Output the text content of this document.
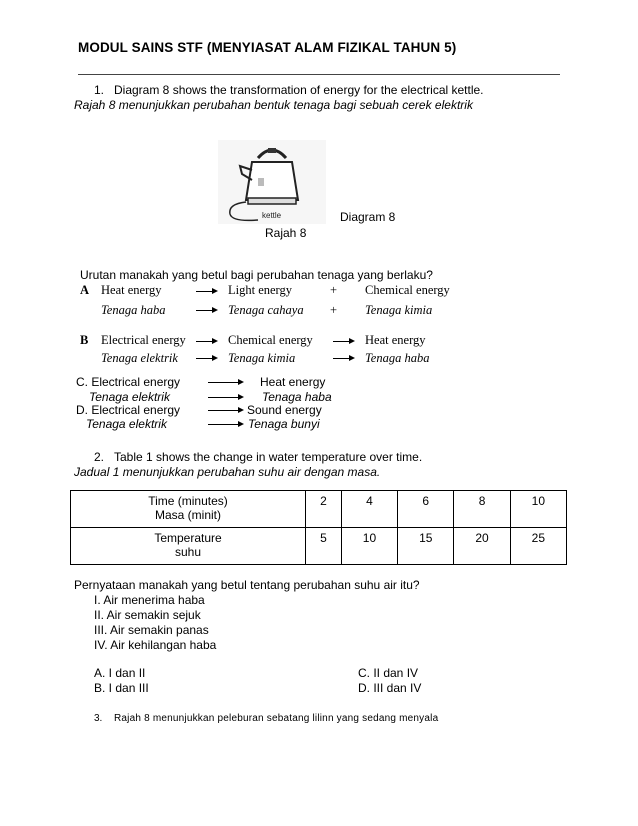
MODUL SAINS STF (MENYIASAT ALAM FIZIKAL TAHUN 5)
1. Diagram 8 shows the transformation of energy for the electrical kettle.
Rajah 8 menunjukkan perubahan bentuk tenaga bagi sebuah cerek elektrik
kettle	Diagram 8
Rajah 8
Urutan manakah yang betul bagi perubahan tenaga yang berlaku?
A Heat energy	Light energy	+ Chemical energy
Tenaga haba	Tenaga cahaya + Tenaga kimia
B Electrical energy	Chemical energy	Heat energy
Tenaga elektrik	Tenaga kimia	Tenaga haba
C. Electrical energy	Heat energy
Tenaga elektrik	Tenaga haba
D. Electrical energy	Sound energy
Tenaga elektrik	Tenaga bunyi
2. Table 1 shows the change in water temperature over time.
Jadual 1 menunjukkan perubahan suhu air dengan masa.
Time (minutes)
Masa (minit)	2	4	6	8	10

Temperature
suhu	5	10	15	20	25
Pernyataan manakah yang betul tentang perubahan suhu air itu?
I. Air menerima haba
II. Air semakin sejuk
III. Air semakin panas
IV. Air kehilangan haba
A. I dan II
B. I dan III
C. II dan IV
D. III dan IV
3. Rajah 8 menunjukkan peleburan sebatang lilinn yang sedang menyala
